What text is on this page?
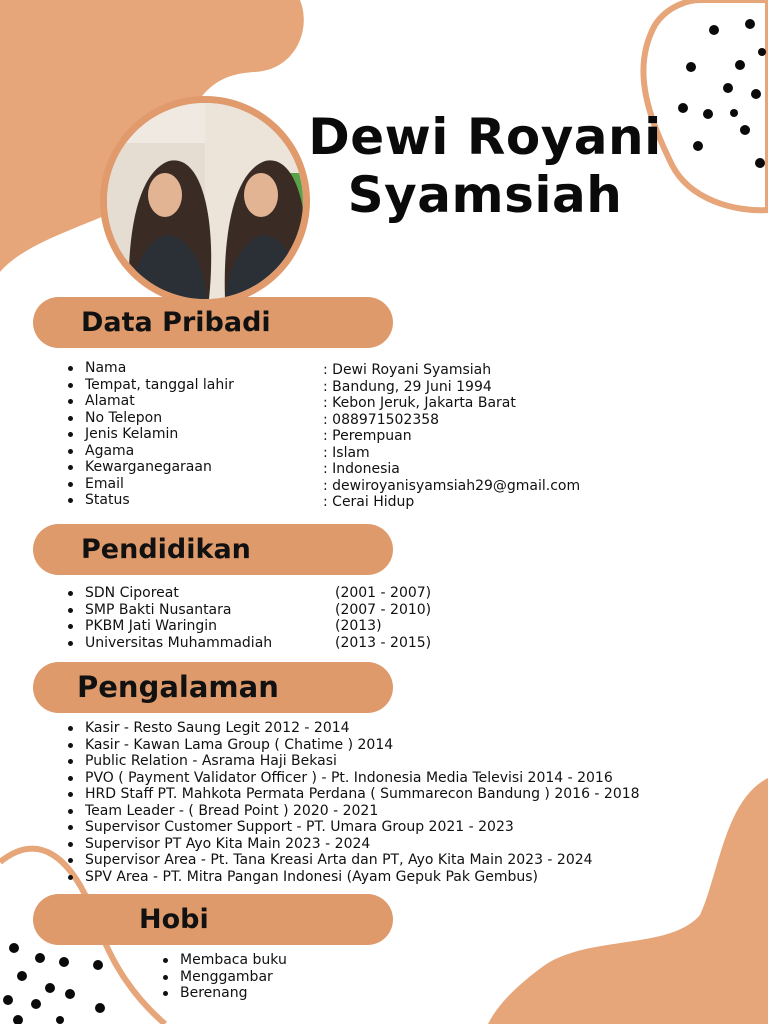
Dewi Royani
Syamsiah
Data Pribadi
Nama
Tempat, tanggal lahir
Alamat
No Telepon
Jenis Kelamin
Agama
Kewarganegaraan
Email
Status
: Dewi Royani Syamsiah
: Bandung, 29 Juni 1994
: Kebon Jeruk, Jakarta Barat
: 088971502358
: Perempuan
: Islam
: Indonesia
: dewiroyanisyamsiah29@gmail.com
: Cerai Hidup
Pendidikan
SDN Ciporeat
SMP Bakti Nusantara
PKBM Jati Waringin
Universitas Muhammadiah
(2001 - 2007)
(2007 - 2010)
(2013)
(2013 - 2015)
Pengalaman
Kasir - Resto Saung Legit 2012 - 2014
Kasir - Kawan Lama Group ( Chatime ) 2014
Public Relation - Asrama Haji Bekasi
PVO ( Payment Validator Officer ) - Pt. Indonesia Media Televisi 2014 - 2016
HRD Staff PT. Mahkota Permata Perdana ( Summarecon Bandung ) 2016 - 2018
Team Leader - ( Bread Point ) 2020 - 2021
Supervisor Customer Support - PT. Umara Group 2021 - 2023
Supervisor PT Ayo Kita Main 2023 - 2024
Supervisor Area - Pt. Tana Kreasi Arta dan PT, Ayo Kita Main 2023 - 2024
SPV Area - PT. Mitra Pangan Indonesi (Ayam Gepuk Pak Gembus)
Hobi
Membaca buku
Menggambar
Berenang
